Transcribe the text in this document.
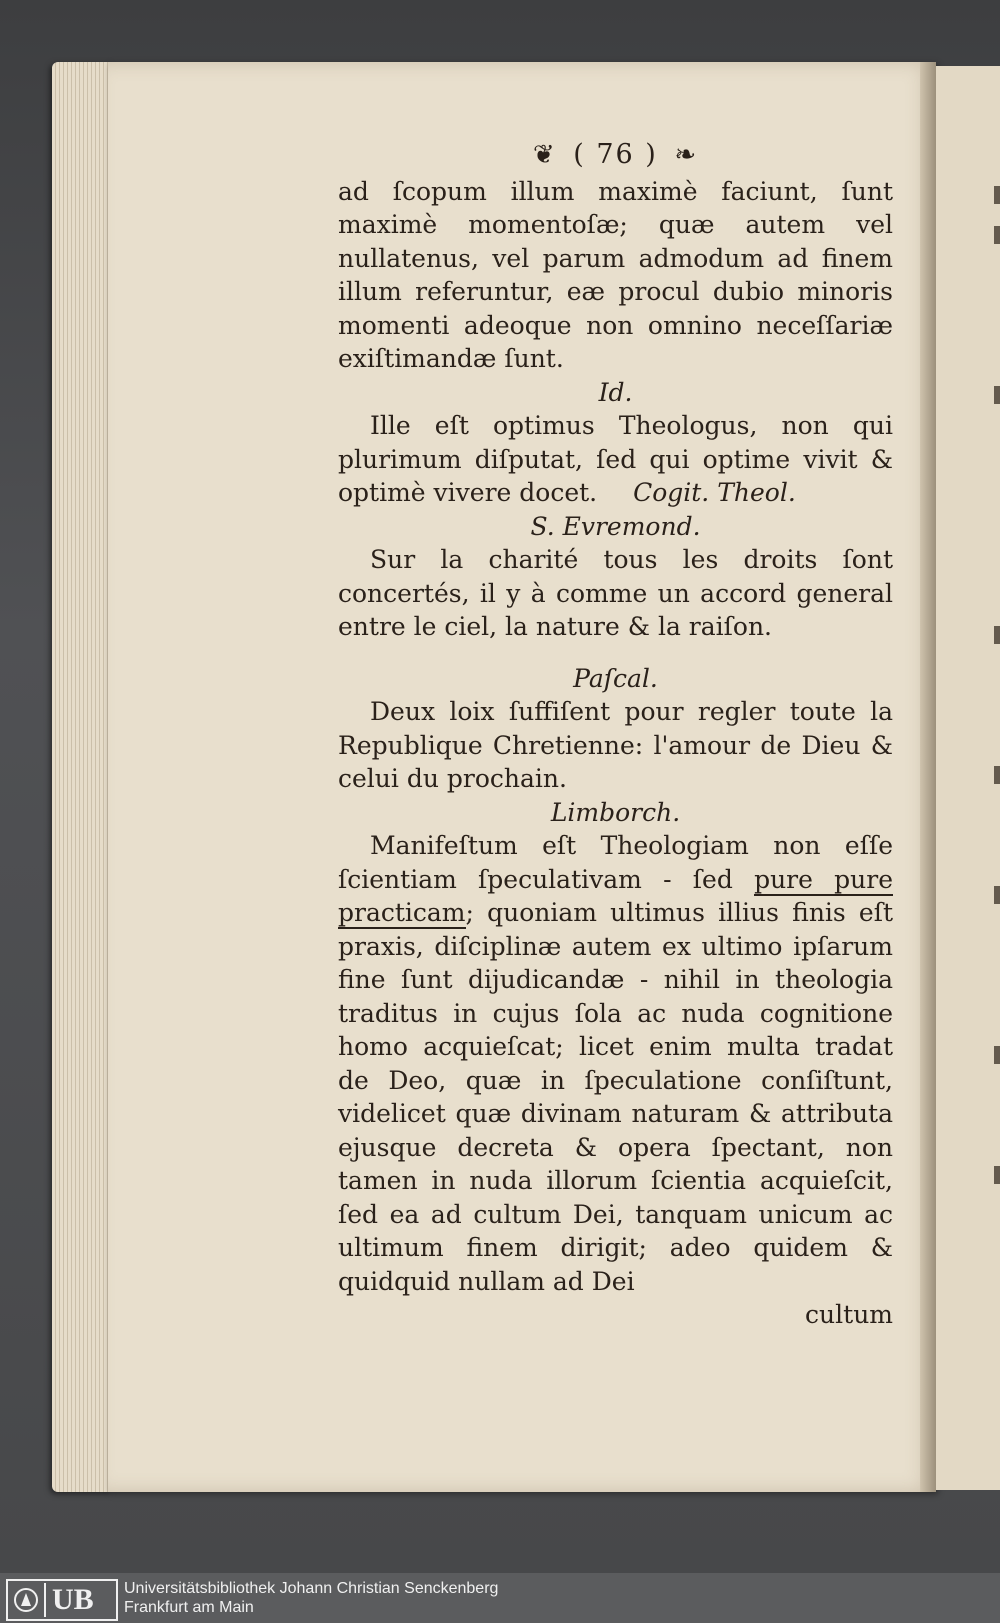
❦ ( 76 ) ❧

ad ſcopum illum maximè faciunt, ſunt maximè momentoſæ; quæ autem vel nullatenus, vel parum admodum ad finem illum referuntur, eæ procul dubio minoris momenti adeoque non omnino neceſſariæ exiſtimandæ ſunt.

Id.

Ille eſt optimus Theologus, non qui plurimum diſputat, ſed qui optime vivit & optimè vivere docet. Cogit. Theol.

S. Evremond.

Sur la charité tous les droits ſont concertés, il y à comme un accord general entre le ciel, la nature & la raiſon.

Paſcal.

Deux loix ſuffiſent pour regler toute la Republique Chretienne: l'amour de Dieu & celui du prochain.

Limborch.

Manifeſtum eſt Theologiam non eſſe ſcientiam ſpeculativam - ſed pure pure practicam; quoniam ultimus illius finis eſt praxis, diſciplinæ autem ex ultimo ipſarum fine ſunt dijudicandæ - nihil in theologia traditus in cujus ſola ac nuda cognitione homo acquieſcat; licet enim multa tradat de Deo, quæ in ſpeculatione conſiſtunt, videlicet quæ divinam naturam & attributa ejusque decreta & opera ſpectant, non tamen in nuda illorum ſcientia acquieſcit, ſed ea ad cultum Dei, tanquam unicum ac ultimum finem dirigit; adeo quidem & quidquid nullam ad Dei

cultum

UB Universitätsbibliothek Johann Christian Senckenberg
Frankfurt am Main
